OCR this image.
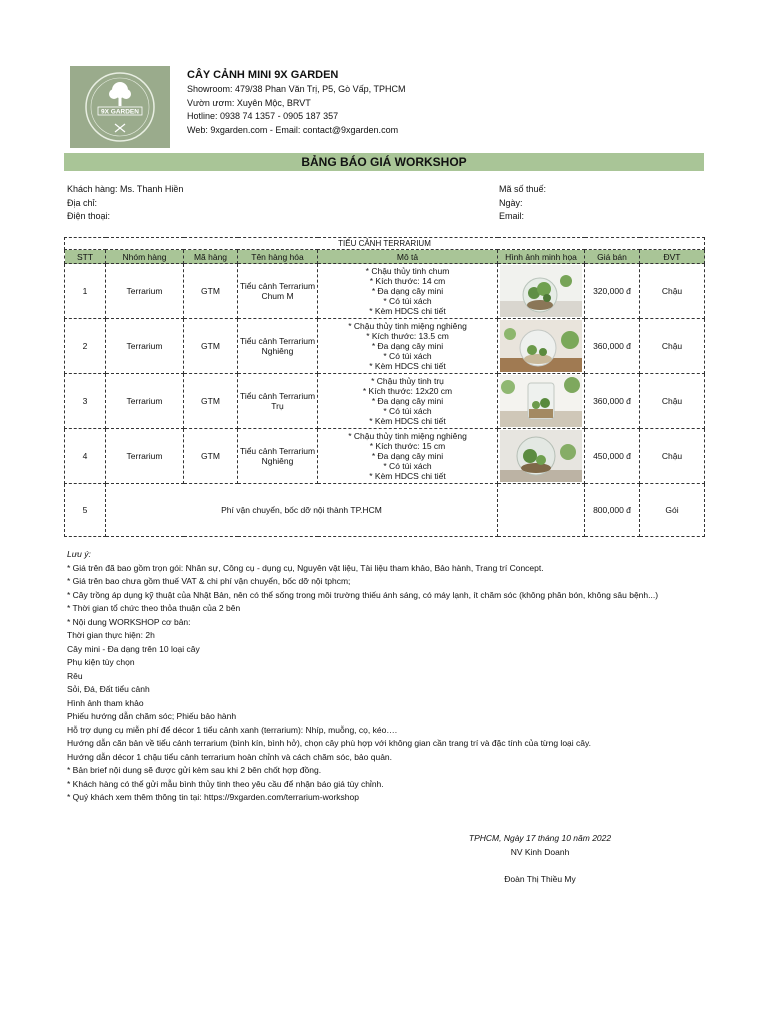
9X GARDEN
CÂY CẢNH MINI 9X GARDEN
Showroom: 479/38 Phan Văn Trị, P5, Gò Vấp, TPHCM
Vườn ươm: Xuyên Mộc, BRVT
Hotline: 0938 74 1357 - 0905 187 357
Web: 9xgarden.com - Email: contact@9xgarden.com
BẢNG BÁO GIÁ WORKSHOP
Khách hàng: Ms. Thanh Hiền
Địa chỉ:
Điện thoại:
Mã số thuế:
Ngày:
Email:
TIỂU CẢNH TERRARIUM							
STT	Nhóm hàng	Mã hàng	Tên hàng hóa	Mô tả	Hình ảnh minh họa	Giá bán	ĐVT
1	Terrarium	GTM	Tiểu cảnh Terrarium Chum M	* Chậu thủy tinh chum
* Kích thước: 14 cm
* Đa dạng cây mini
* Có túi xách
* Kèm HDCS chi tiết		320,000 đ	Chậu
2	Terrarium	GTM	Tiểu cảnh Terrarium Nghiêng	* Chậu thủy tinh miệng nghiêng
* Kích thước: 13.5 cm
* Đa dạng cây mini
* Có túi xách
* Kèm HDCS chi tiết		360,000 đ	Chậu
3	Terrarium	GTM	Tiểu cảnh Terrarium Trụ	* Chậu thủy tinh trụ
* Kích thước: 12x20 cm
* Đa dạng cây mini
* Có túi xách
* Kèm HDCS chi tiết		360,000 đ	Chậu
4	Terrarium	GTM	Tiểu cảnh Terrarium Nghiêng	* Chậu thủy tinh miệng nghiêng
* Kích thước: 15 cm
* Đa dạng cây mini
* Có túi xách
* Kèm HDCS chi tiết		450,000 đ	Chậu
5	Phí vận chuyển, bốc dỡ nội thành TP.HCM					800,000 đ	Gói
Lưu ý:
* Giá trên đã bao gồm trọn gói: Nhân sự, Công cụ - dụng cụ, Nguyên vật liệu, Tài liệu tham khảo, Bảo hành, Trang trí Concept.
* Giá trên bao chưa gồm thuế VAT & chi phí vận chuyển, bốc dỡ nội tphcm;
* Cây trồng áp dụng kỹ thuật của Nhật Bản, nên có thể sống trong môi trường thiếu ánh sáng, có máy lạnh, ít chăm sóc (không phân bón, không sâu bệnh...)
* Thời gian tổ chức theo thỏa thuận của 2 bên
* Nội dung WORKSHOP cơ bản:
Thời gian thực hiện: 2h
Cây mini - Đa dạng trên 10 loại cây
Phụ kiện tùy chọn
Rêu
Sỏi, Đá, Đất tiểu cảnh
Hình ảnh tham khảo
Phiếu hướng dẫn chăm sóc; Phiếu bảo hành
Hỗ trợ dụng cụ miễn phí để décor 1 tiểu cảnh xanh (terrarium): Nhíp, muỗng, cọ, kéo….
Hướng dẫn căn bản về tiểu cảnh terrarium (bình kín, bình hở), chọn cây phù hợp với không gian cần trang trí và đặc tính của từng loại cây.
Hướng dẫn décor 1 chậu tiểu cảnh terrarium hoàn chỉnh và cách chăm sóc, bảo quản.
* Bản brief nội dung sẽ được gửi kèm sau khi 2 bên chốt hợp đồng.
* Khách hàng có thể gửi mẫu bình thủy tinh theo yêu cầu để nhận báo giá tùy chỉnh.
* Quý khách xem thêm thông tin tại: https://9xgarden.com/terrarium-workshop
TPHCM, Ngày 17 tháng 10 năm 2022
NV Kinh Doanh
Đoàn Thị Thiều My
